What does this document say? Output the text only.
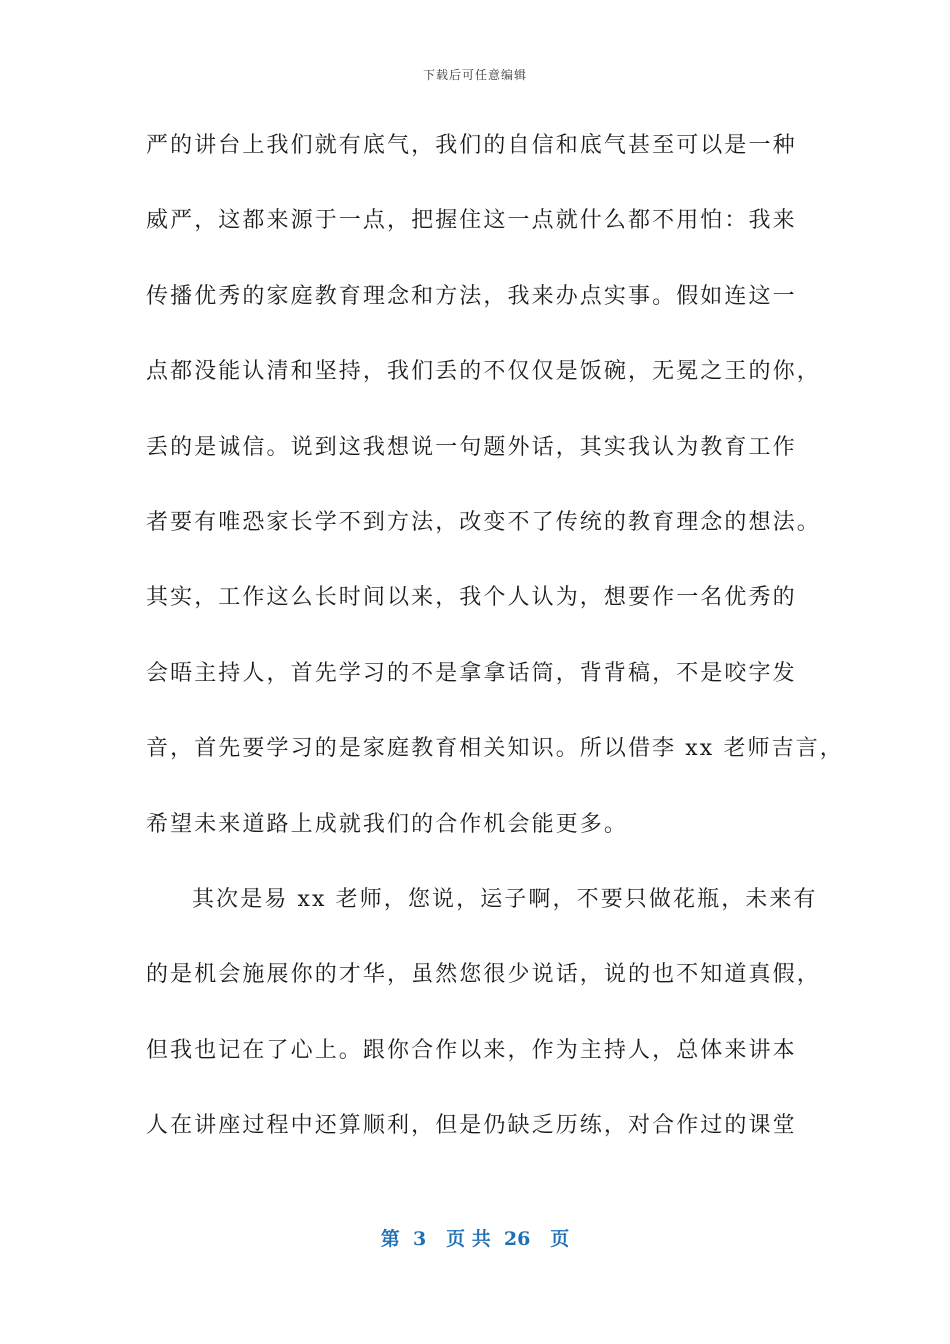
下载后可任意编辑
严的讲台上我们就有底气，我们的自信和底气甚至可以是一种
威严，这都来源于一点，把握住这一点就什么都不用怕：我来
传播优秀的家庭教育理念和方法，我来办点实事。假如连这一
点都没能认清和坚持，我们丢的不仅仅是饭碗，无冕之王的你，
丢的是诚信。说到这我想说一句题外话，其实我认为教育工作
者要有唯恐家长学不到方法，改变不了传统的教育理念的想法。
其实，工作这么长时间以来，我个人认为，想要作一名优秀的
会晤主持人，首先学习的不是拿拿话筒，背背稿，不是咬字发
音，首先要学习的是家庭教育相关知识。所以借李 xx 老师吉言，
希望未来道路上成就我们的合作机会能更多。
其次是易 xx 老师，您说，运子啊，不要只做花瓶，未来有
的是机会施展你的才华，虽然您很少说话，说的也不知道真假，
但我也记在了心上。跟你合作以来，作为主持人，总体来讲本
人在讲座过程中还算顺利，但是仍缺乏历练，对合作过的课堂
第  3   页 共  26   页
